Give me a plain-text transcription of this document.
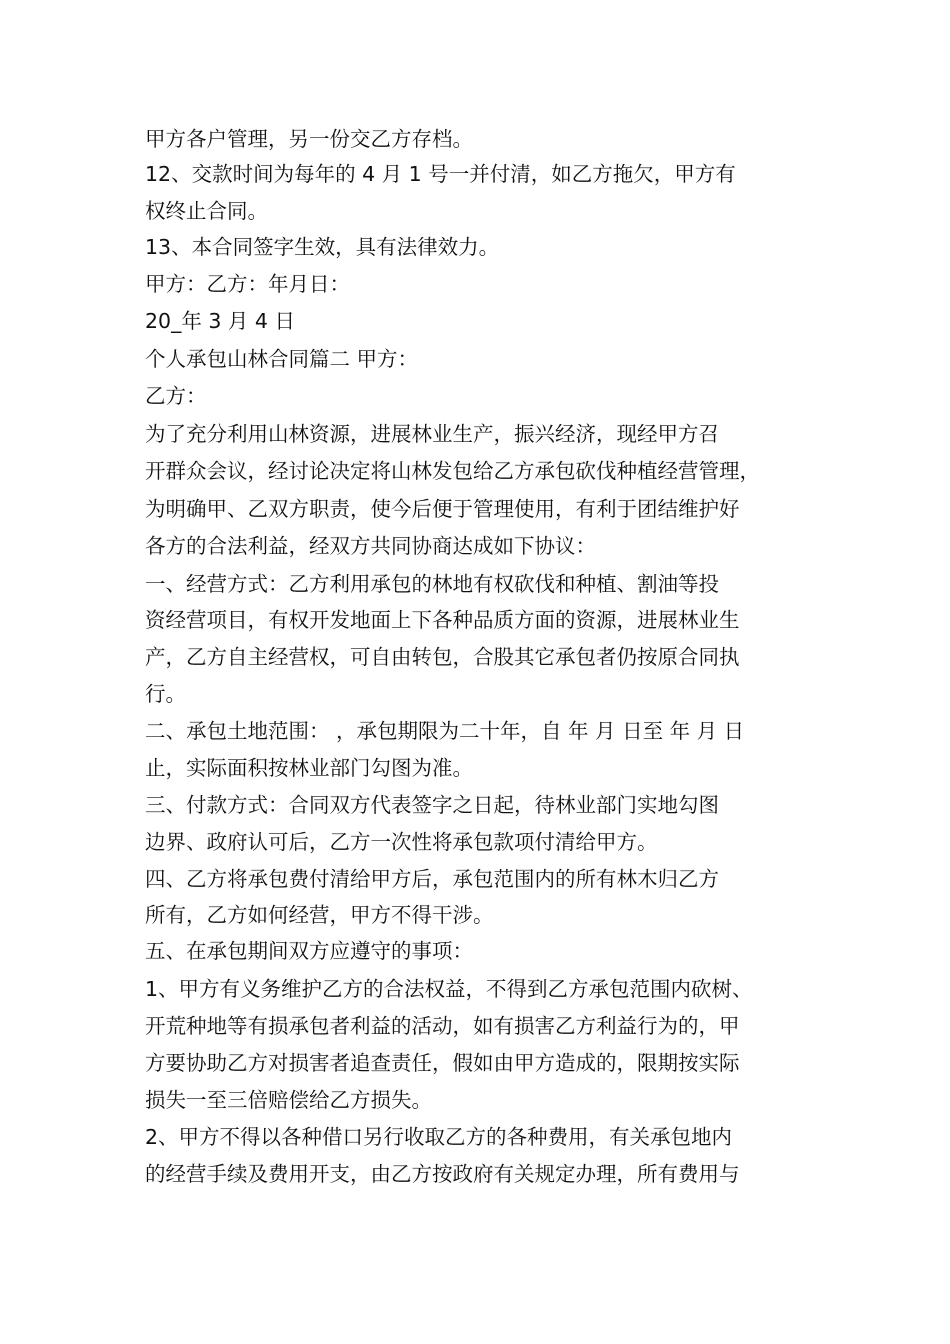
甲方各户管理，另一份交乙方存档。
12、交款时间为每年的 4 月 1 号一并付清，如乙方拖欠，甲方有
权终止合同。
13、本合同签字生效，具有法律效力。
甲方：乙方：年月日：
20_年 3 月 4 日
个人承包山林合同篇二 甲方：
乙方：
为了充分利用山林资源，进展林业生产，振兴经济，现经甲方召
开群众会议，经讨论决定将山林发包给乙方承包砍伐种植经营管理，
为明确甲、乙双方职责，使今后便于管理使用，有利于团结维护好
各方的合法利益，经双方共同协商达成如下协议：
一、经营方式：乙方利用承包的林地有权砍伐和种植、割油等投
资经营项目，有权开发地面上下各种品质方面的资源，进展林业生
产，乙方自主经营权，可自由转包，合股其它承包者仍按原合同执
行。
二、承包土地范围： ，承包期限为二十年，自 年 月 日至 年 月 日
止，实际面积按林业部门勾图为准。
三、付款方式：合同双方代表签字之日起，待林业部门实地勾图
边界、政府认可后，乙方一次性将承包款项付清给甲方。
四、乙方将承包费付清给甲方后，承包范围内的所有林木归乙方
所有，乙方如何经营，甲方不得干涉。
五、在承包期间双方应遵守的事项：
1、甲方有义务维护乙方的合法权益，不得到乙方承包范围内砍树、
开荒种地等有损承包者利益的活动，如有损害乙方利益行为的，甲
方要协助乙方对损害者追查责任，假如由甲方造成的，限期按实际
损失一至三倍赔偿给乙方损失。
2、甲方不得以各种借口另行收取乙方的各种费用，有关承包地内
的经营手续及费用开支，由乙方按政府有关规定办理，所有费用与
